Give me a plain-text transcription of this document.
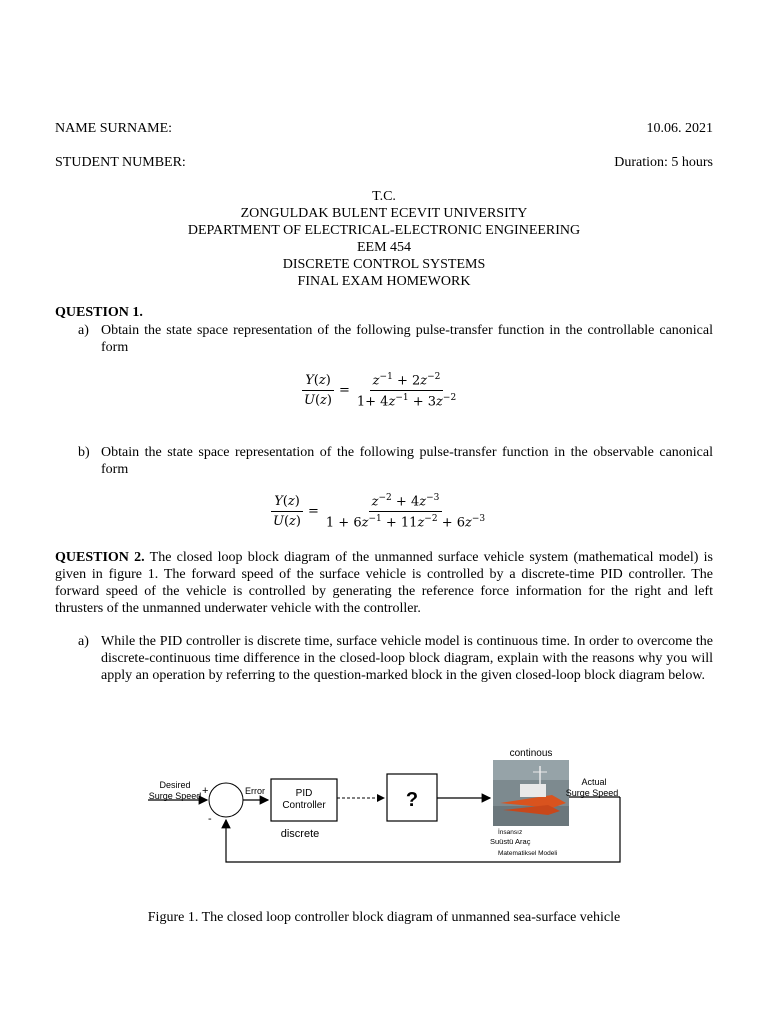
NAME SURNAME:	10.06. 2021
STUDENT NUMBER:	Duration: 5 hours
T.C.
ZONGULDAK BULENT ECEVIT UNIVERSITY
DEPARTMENT OF ELECTRICAL-ELECTRONIC ENGINEERING
EEM 454
DISCRETE CONTROL SYSTEMS
FINAL EXAM HOMEWORK
QUESTION 1.
a) Obtain the state space representation of the following pulse-transfer function in the controllable canonical form
$\frac{Y(z)}{U(z)} = \frac{z^{-1} + 2z^{-2}}{1+ 4z^{-1} + 3z^{-2}}$
b) Obtain the state space representation of the following pulse-transfer function in the observable canonical form
$\frac{Y(z)}{U(z)} = \frac{z^{-2} + 4z^{-3}}{1 + 6z^{-1} + 11z^{-2} + 6z^{-3}}$
QUESTION 2. The closed loop block diagram of the unmanned surface vehicle system (mathematical model) is given in figure 1. The forward speed of the surface vehicle is controlled by a discrete-time PID controller. The forward speed of the vehicle is controlled by generating the reference force information for the right and left thrusters of the unmanned underwater vehicle with the controller.
a) While the PID controller is discrete time, surface vehicle model is continuous time. In order to overcome the discrete-continuous time difference in the closed-loop block diagram, explain with the reasons why you will apply an operation by referring to the question-marked block in the given closed-loop block diagram below.
Desired
Surge Speed +
-
Error	PID
Controller
discrete
?
continous
Actual
Surge Speed
İnsansız
Suüstü Araç
Matematiksel Modeli
Figure 1. The closed loop controller block diagram of unmanned sea-surface vehicle
